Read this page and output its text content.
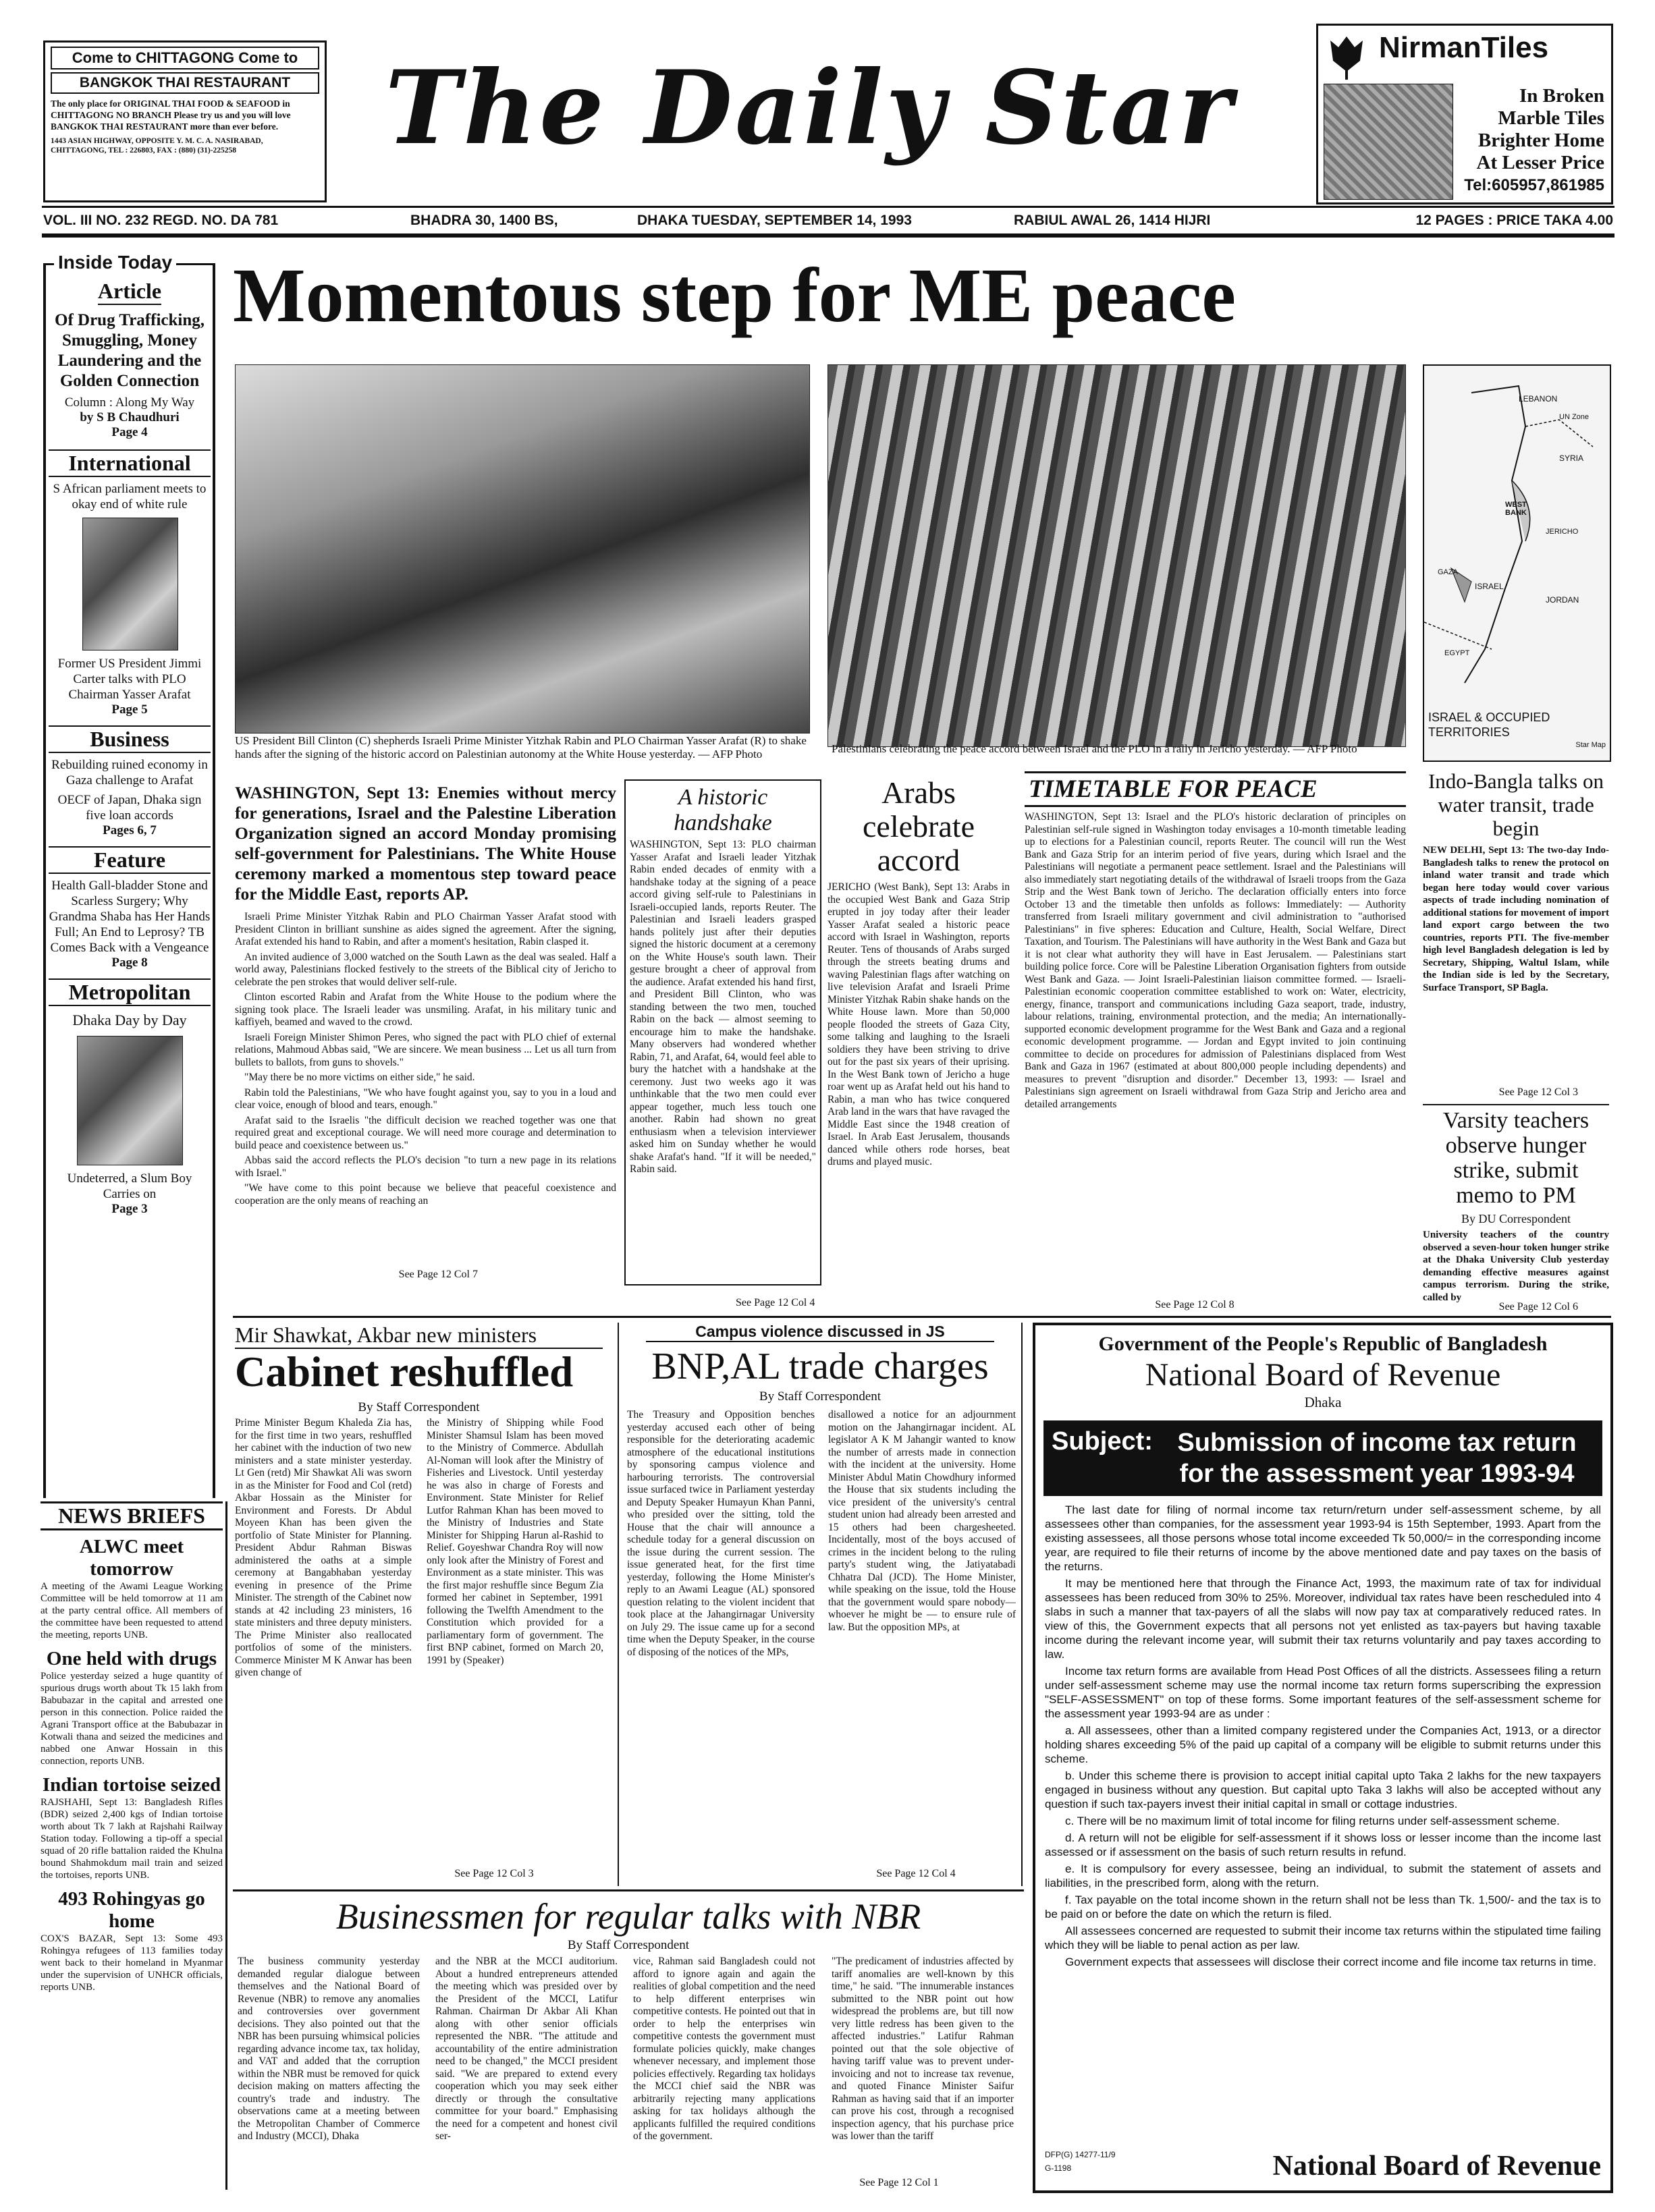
Come to CHITTAGONG Come to
BANGKOK THAI RESTAURANT
The only place for ORIGINAL THAI FOOD & SEAFOOD in CHITTAGONG NO BRANCH Please try us and you will love BANGKOK THAI RESTAURANT more than ever before.
1443 ASIAN HIGHWAY, OPPOSITE Y. M. C. A. NASIRABAD, CHITTAGONG, TEL : 226803, FAX : (880) (31)-225258	The Daily Star
NirmanTiles
In Broken
Marble Tiles
Brighter Home
At Lesser Price
Tel:605957,861985
VOL. III NO. 232 REGD. NO. DA 781	BHADRA 30, 1400 BS,	DHAKA TUESDAY, SEPTEMBER 14, 1993	RABIUL AWAL 26, 1414 HIJRI	12 PAGES : PRICE TAKA 4.00
Inside Today
Article
Of Drug Trafficking, Smuggling, Money Laundering and the Golden Connection
Column : Along My Way
by S B Chaudhuri
Page 4
International
S African parliament meets to okay end of white rule
Former US President Jimmi Carter talks with PLO Chairman Yasser Arafat
Page 5
Business
Rebuilding ruined economy in Gaza challenge to Arafat
OECF of Japan, Dhaka sign five loan accords
Pages 6, 7
Feature
Health Gall-bladder Stone and Scarless Surgery; Why Grandma Shaba has Her Hands Full; An End to Leprosy? TB Comes Back with a Vengeance
Page 8
Metropolitan
Dhaka Day by Day
Undeterred, a Slum Boy Carries on
Page 3
Momentous step for ME peace
US President Bill Clinton (C) shepherds Israeli Prime Minister Yitzhak Rabin and PLO Chairman Yasser Arafat (R) to shake hands after the signing of the historic accord on Palestinian autonomy at the White House yesterday. — AFP Photo	Palestinians celebrating the peace accord between Israel and the PLO in a rally in Jericho yesterday. — AFP Photo
LEBANON
UN Zone
SYRIA
WEST BANK
JERICHO
ISRAEL
JORDAN
EGYPT
GAZA
ISRAEL & OCCUPIED TERRITORIES
Star Map
WASHINGTON, Sept 13: Enemies without mercy for generations, Israel and the Palestine Liberation Organization signed an accord Monday promising self-government for Palestinians. The White House ceremony marked a momentous step toward peace for the Middle East, reports AP.

Israeli Prime Minister Yitzhak Rabin and PLO Chairman Yasser Arafat stood with President Clinton in brilliant sunshine as aides signed the agreement. After the signing, Arafat extended his hand to Rabin, and after a moment's hesitation, Rabin clasped it.

An invited audience of 3,000 watched on the South Lawn as the deal was sealed. Half a world away, Palestinians flocked festively to the streets of the Biblical city of Jericho to celebrate the pen strokes that would deliver self-rule.

Clinton escorted Rabin and Arafat from the White House to the podium where the signing took place. The Israeli leader was unsmiling. Arafat, in his military tunic and kaffiyeh, beamed and waved to the crowd.

Israeli Foreign Minister Shimon Peres, who signed the pact with PLO chief of external relations, Mahmoud Abbas said, "We are sincere. We mean business ... Let us all turn from bullets to ballots, from guns to shovels."

"May there be no more victims on either side," he said.

Rabin told the Palestinians, "We who have fought against you, say to you in a loud and clear voice, enough of blood and tears, enough."

Arafat said to the Israelis "the difficult decision we reached together was one that required great and exceptional courage. We will need more courage and determination to build peace and coexistence between us."

Abbas said the accord reflects the PLO's decision "to turn a new page in its relations with Israel."

"We have come to this point because we believe that peaceful coexistence and cooperation are the only means of reaching an

See Page 12 Col 7
A historic handshake
WASHINGTON, Sept 13: PLO chairman Yasser Arafat and Israeli leader Yitzhak Rabin ended decades of enmity with a handshake today at the signing of a peace accord giving self-rule to Palestinians in Israeli-occupied lands, reports Reuter. The Palestinian and Israeli leaders grasped hands politely just after their deputies signed the historic document at a ceremony on the White House's south lawn. Their gesture brought a cheer of approval from the audience. Arafat extended his hand first, and President Bill Clinton, who was standing between the two men, touched Rabin on the back — almost seeming to encourage him to make the handshake. Many observers had wondered whether Rabin, 71, and Arafat, 64, would feel able to bury the hatchet with a handshake at the ceremony. Just two weeks ago it was unthinkable that the two men could ever appear together, much less touch one another. Rabin had shown no great enthusiasm when a television interviewer asked him on Sunday whether he would shake Arafat's hand. "If it will be needed," Rabin said.
See Page 12 Col 4
Arabs celebrate accord
JERICHO (West Bank), Sept 13: Arabs in the occupied West Bank and Gaza Strip erupted in joy today after their leader Yasser Arafat sealed a historic peace accord with Israel in Washington, reports Reuter. Tens of thousands of Arabs surged through the streets beating drums and waving Palestinian flags after watching on live television Arafat and Israeli Prime Minister Yitzhak Rabin shake hands on the White House lawn. More than 50,000 people flooded the streets of Gaza City, some talking and laughing to the Israeli soldiers they have been striving to drive out for the past six years of their uprising. In the West Bank town of Jericho a huge roar went up as Arafat held out his hand to Rabin, a man who has twice conquered Arab land in the wars that have ravaged the Middle East since the 1948 creation of Israel. In Arab East Jerusalem, thousands danced while others rode horses, beat drums and played music.
TIMETABLE FOR PEACE
WASHINGTON, Sept 13: Israel and the PLO's historic declaration of principles on Palestinian self-rule signed in Washington today envisages a 10-month timetable leading up to elections for a Palestinian council, reports Reuter. The council will run the West Bank and Gaza Strip for an interim period of five years, during which Israel and the Palestinians will negotiate a permanent peace settlement. Israel and the Palestinians will also immediately start negotiating details of the withdrawal of Israeli troops from the Gaza Strip and the West Bank town of Jericho. The declaration officially enters into force October 13 and the timetable then unfolds as follows: Immediately: — Authority transferred from Israeli military government and civil administration to "authorised Palestinians" in five spheres: Education and Culture, Health, Social Welfare, Direct Taxation, and Tourism. The Palestinians will have authority in the West Bank and Gaza but it is not clear what authority they will have in East Jerusalem. — Palestinians start building police force. Core will be Palestine Liberation Organisation fighters from outside West Bank and Gaza. — Joint Israeli-Palestinian liaison committee formed. — Israeli-Palestinian economic cooperation committee established to work on: Water, electricity, energy, finance, transport and communications including Gaza seaport, trade, industry, labour relations, training, environmental protection, and the media; An internationally-supported economic development programme for the West Bank and Gaza and a regional economic development programme. — Jordan and Egypt invited to join continuing committee to decide on procedures for admission of Palestinians displaced from West Bank and Gaza in 1967 (estimated at about 800,000 people including dependents) and measures to prevent "disruption and disorder." December 13, 1993: — Israel and Palestinians sign agreement on Israeli withdrawal from Gaza Strip and Jericho area and detailed arrangements
See Page 12 Col 8
Indo-Bangla talks on water transit, trade begin
NEW DELHI, Sept 13: The two-day Indo-Bangladesh talks to renew the protocol on inland water transit and trade which began here today would cover various aspects of trade including nomination of additional stations for movement of import land export cargo between the two countries, reports PTI. The five-member high level Bangladesh delegation is led by Secretary, Shipping, Waltul Islam, while the Indian side is led by the Secretary, Surface Transport, SP Bagla.
See Page 12 Col 3
Varsity teachers observe hunger strike, submit memo to PM
By DU Correspondent
University teachers of the country observed a seven-hour token hunger strike at the Dhaka University Club yesterday demanding effective measures against campus terrorism. During the strike, called by
See Page 12 Col 6
Mir Shawkat, Akbar new ministers
Cabinet reshuffled
By Staff Correspondent
Prime Minister Begum Khaleda Zia has, for the first time in two years, reshuffled her cabinet with the induction of two new ministers and a state minister yesterday. Lt Gen (retd) Mir Shawkat Ali was sworn in as the Minister for Food and Col (retd) Akbar Hossain as the Minister for Environment and Forests. Dr Abdul Moyeen Khan has been given the portfolio of State Minister for Planning. President Abdur Rahman Biswas administered the oaths at a simple ceremony at Bangabhaban yesterday evening in presence of the Prime Minister. The strength of the Cabinet now stands at 42 including 23 ministers, 16 state ministers and three deputy ministers. The Prime Minister also reallocated portfolios of some of the ministers. Commerce Minister M K Anwar has been given change of
the Ministry of Shipping while Food Minister Shamsul Islam has been moved to the Ministry of Commerce. Abdullah Al-Noman will look after the Ministry of Fisheries and Livestock. Until yesterday he was also in charge of Forests and Environment. State Minister for Relief Lutfor Rahman Khan has been moved to the Ministry of Industries and State Minister for Shipping Harun al-Rashid to Relief. Goyeshwar Chandra Roy will now only look after the Ministry of Forest and Environment as a state minister. This was the first major reshuffle since Begum Zia formed her cabinet in September, 1991 following the Twelfth Amendment to the Constitution which provided for a parliamentary form of government. The first BNP cabinet, formed on March 20, 1991 by (Speaker)
See Page 12 Col 3
Campus violence discussed in JS
BNP,AL trade charges
By Staff Correspondent
The Treasury and Opposition benches yesterday accused each other of being responsible for the deteriorating academic atmosphere of the educational institutions by sponsoring campus violence and harbouring terrorists. The controversial issue surfaced twice in Parliament yesterday and Deputy Speaker Humayun Khan Panni, who presided over the sitting, told the House that the chair will announce a schedule today for a general discussion on the issue during the current session. The issue generated heat, for the first time yesterday, following the Home Minister's reply to an Awami League (AL) sponsored question relating to the violent incident that took place at the Jahangirnagar University on July 29. The issue came up for a second time when the Deputy Speaker, in the course of disposing of the notices of the MPs,
disallowed a notice for an adjournment motion on the Jahangirnagar incident. AL legislator A K M Jahangir wanted to know the number of arrests made in connection with the incident at the university. Home Minister Abdul Matin Chowdhury informed the House that six students including the vice president of the university's central student union had already been arrested and 15 others had been chargesheeted. Incidentally, most of the boys accused of crimes in the incident belong to the ruling party's student wing, the Jatiyatabadi Chhatra Dal (JCD). The Home Minister, while speaking on the issue, told the House that the government would spare nobody— whoever he might be — to ensure rule of law. But the opposition MPs, at
See Page 12 Col 4
NEWS BRIEFS
ALWC meet tomorrow
A meeting of the Awami League Working Committee will be held tomorrow at 11 am at the party central office. All members of the committee have been requested to attend the meeting, reports UNB.
One held with drugs
Police yesterday seized a huge quantity of spurious drugs worth about Tk 15 lakh from Babubazar in the capital and arrested one person in this connection. Police raided the Agrani Transport office at the Babubazar in Kotwali thana and seized the medicines and nabbed one Anwar Hossain in this connection, reports UNB.
Indian tortoise seized
RAJSHAHI, Sept 13: Bangladesh Rifles (BDR) seized 2,400 kgs of Indian tortoise worth about Tk 7 lakh at Rajshahi Railway Station today. Following a tip-off a special squad of 20 rifle battalion raided the Khulna bound Shahmokdum mail train and seized the tortoises, reports UNB.
493 Rohingyas go home
COX'S BAZAR, Sept 13: Some 493 Rohingya refugees of 113 families today went back to their homeland in Myanmar under the supervision of UNHCR officials, reports UNB.
Businessmen for regular talks with NBR
By Staff Correspondent
The business community yesterday demanded regular dialogue between themselves and the National Board of Revenue (NBR) to remove any anomalies and controversies over government decisions. They also pointed out that the NBR has been pursuing whimsical policies regarding advance income tax, tax holiday, and VAT and added that the corruption within the NBR must be removed for quick decision making on matters affecting the country's trade and industry. The observations came at a meeting between the Metropolitan Chamber of Commerce and Industry (MCCI), Dhaka
and the NBR at the MCCI auditorium. About a hundred entrepreneurs attended the meeting which was presided over by the President of the MCCI, Latifur Rahman. Chairman Dr Akbar Ali Khan along with other senior officials represented the NBR. "The attitude and accountability of the entire administration need to be changed," the MCCI president said. "We are prepared to extend every cooperation which you may seek either directly or through the consultative committee for your board." Emphasising the need for a competent and honest civil ser-
vice, Rahman said Bangladesh could not afford to ignore again and again the realities of global competition and the need to help different enterprises win competitive contests. He pointed out that in order to help the enterprises win competitive contests the government must formulate policies quickly, make changes whenever necessary, and implement those policies effectively. Regarding tax holidays the MCCI chief said the NBR was arbitrarily rejecting many applications asking for tax holidays although the applicants fulfilled the required conditions of the government.
"The predicament of industries affected by tariff anomalies are well-known by this time," he said. "The innumerable instances submitted to the NBR point out how widespread the problems are, but till now very little redress has been given to the affected industries." Latifur Rahman pointed out that the sole objective of having tariff value was to prevent under-invoicing and not to increase tax revenue, and quoted Finance Minister Saifur Rahman as having said that if an importer can prove his cost, through a recognised inspection agency, that his purchase price was lower than the tariff
See Page 12 Col 1
Government of the People's Republic of Bangladesh
National Board of Revenue
Dhaka
Subject: Submission of income tax return for the assessment year 1993-94

The last date for filing of normal income tax return/return under self-assessment scheme, by all assessees other than companies, for the assessment year 1993-94 is 15th September, 1993. Apart from the existing assessees, all those persons whose total income exceeded Tk 50,000/= in the corresponding income year, are required to file their returns of income by the above mentioned date and pay taxes on the basis of the returns.

It may be mentioned here that through the Finance Act, 1993, the maximum rate of tax for individual assessees has been reduced from 30% to 25%. Moreover, individual tax rates have been rescheduled into 4 slabs in such a manner that tax-payers of all the slabs will now pay tax at comparatively reduced rates. In view of this, the Government expects that all persons not yet enlisted as tax-payers but having taxable income during the relevant income year, will submit their tax returns voluntarily and pay taxes according to law.

Income tax return forms are available from Head Post Offices of all the districts. Assessees filing a return under self-assessment scheme may use the normal income tax return forms superscribing the expression "SELF-ASSESSMENT" on top of these forms. Some important features of the self-assessment scheme for the assessment year 1993-94 are as under :

a. All assessees, other than a limited company registered under the Companies Act, 1913, or a director holding shares exceeding 5% of the paid up capital of a company will be eligible to submit returns under this scheme.

b. Under this scheme there is provision to accept initial capital upto Taka 2 lakhs for the new taxpayers engaged in business without any question. But capital upto Taka 3 lakhs will also be accepted without any question if such tax-payers invest their initial capital in small or cottage industries.

c. There will be no maximum limit of total income for filing returns under self-assessment scheme.

d. A return will not be eligible for self-assessment if it shows loss or lesser income than the income last assessed or if assessment on the basis of such return results in refund.

e. It is compulsory for every assessee, being an individual, to submit the statement of assets and liabilities, in the prescribed form, along with the return.

f. Tax payable on the total income shown in the return shall not be less than Tk. 1,500/- and the tax is to be paid on or before the date on which the return is filed.

All assessees concerned are requested to submit their income tax returns within the stipulated time failing which they will be liable to penal action as per law.

Government expects that assessees will disclose their correct income and file income tax returns in time.

DFP(G) 14277-11/9
G-1198	National Board of Revenue
